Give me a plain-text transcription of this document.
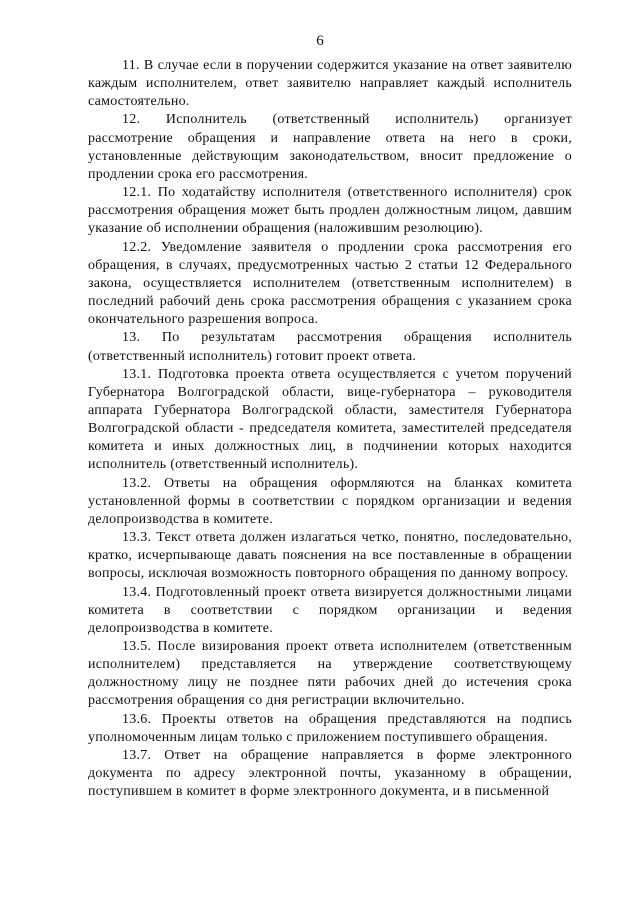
6

11. В случае если в поручении содержится указание на ответ заявителю каждым исполнителем, ответ заявителю направляет каждый исполнитель самостоятельно.

12. Исполнитель (ответственный исполнитель) организует рассмотрение обращения и направление ответа на него в сроки, установленные действующим законодательством, вносит предложение о продлении срока его рассмотрения.

12.1. По ходатайству исполнителя (ответственного исполнителя) срок рассмотрения обращения может быть продлен должностным лицом, давшим указание об исполнении обращения (наложившим резолюцию).

12.2. Уведомление заявителя о продлении срока рассмотрения его обращения, в случаях, предусмотренных частью 2 статьи 12 Федерального закона, осуществляется исполнителем (ответственным исполнителем) в последний рабочий день срока рассмотрения обращения с указанием срока окончательного разрешения вопроса.

13. По результатам рассмотрения обращения исполнитель (ответственный исполнитель) готовит проект ответа.

13.1. Подготовка проекта ответа осуществляется с учетом поручений Губернатора Волгоградской области, вице-губернатора – руководителя аппарата Губернатора Волгоградской области, заместителя Губернатора Волгоградской области - председателя комитета, заместителей председателя комитета и иных должностных лиц, в подчинении которых находится исполнитель (ответственный исполнитель).

13.2. Ответы на обращения оформляются на бланках комитета установленной формы в соответствии с порядком организации и ведения делопроизводства в комитете.

13.3. Текст ответа должен излагаться четко, понятно, последовательно, кратко, исчерпывающе давать пояснения на все поставленные в обращении вопросы, исключая возможность повторного обращения по данному вопросу.

13.4. Подготовленный проект ответа визируется должностными лицами комитета в соответствии с порядком организации и ведения делопроизводства в комитете.

13.5. После визирования проект ответа исполнителем (ответственным исполнителем) представляется на утверждение соответствующему должностному лицу не позднее пяти рабочих дней до истечения срока рассмотрения обращения со дня регистрации включительно.

13.6. Проекты ответов на обращения представляются на подпись уполномоченным лицам только с приложением поступившего обращения.

13.7. Ответ на обращение направляется в форме электронного документа по адресу электронной почты, указанному в обращении, поступившем в комитет в форме электронного документа, и в письменной
